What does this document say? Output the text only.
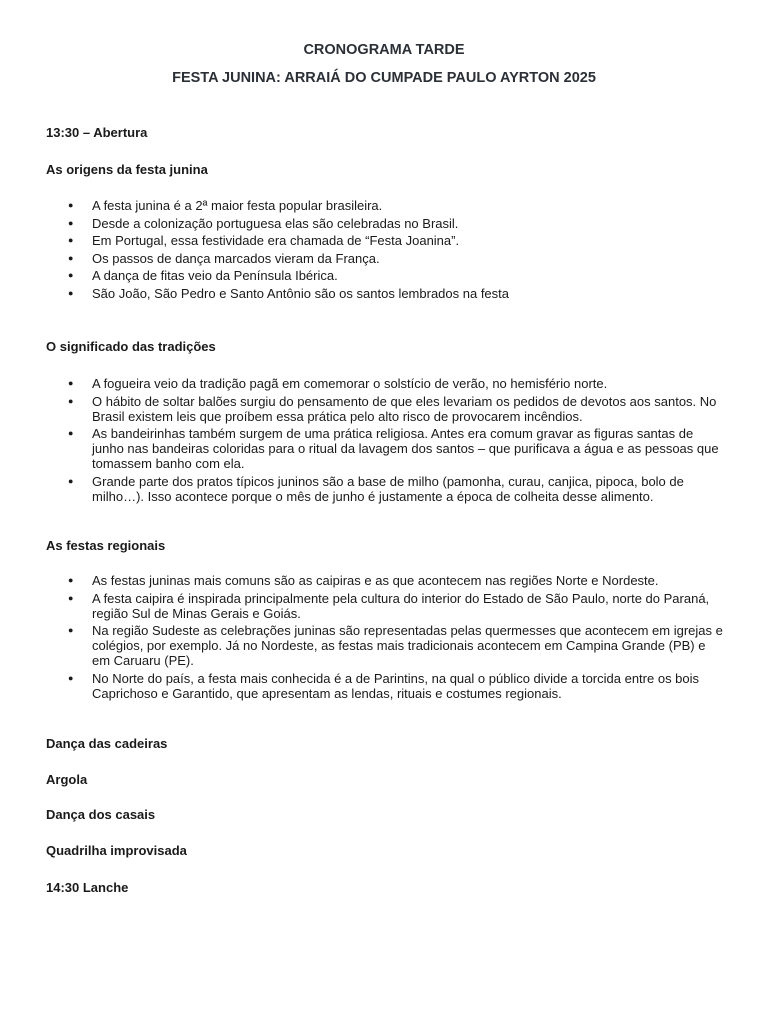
CRONOGRAMA TARDE
FESTA JUNINA: ARRAIÁ DO CUMPADE PAULO AYRTON 2025
13:30 – Abertura
As origens da festa junina
● A festa junina é a 2ª maior festa popular brasileira.
● Desde a colonização portuguesa elas são celebradas no Brasil.
● Em Portugal, essa festividade era chamada de “Festa Joanina”.
● Os passos de dança marcados vieram da França.
● A dança de fitas veio da Península Ibérica.
● São João, São Pedro e Santo Antônio são os santos lembrados na festa
O significado das tradições
● A fogueira veio da tradição pagã em comemorar o solstício de verão, no hemisfério norte.
● O hábito de soltar balões surgiu do pensamento de que eles levariam os pedidos de devotos aos santos. No Brasil existem leis que proíbem essa prática pelo alto risco de provocarem incêndios.
● As bandeirinhas também surgem de uma prática religiosa. Antes era comum gravar as figuras santas de junho nas bandeiras coloridas para o ritual da lavagem dos santos – que purificava a água e as pessoas que tomassem banho com ela.
● Grande parte dos pratos típicos juninos são a base de milho (pamonha, curau, canjica, pipoca, bolo de milho…). Isso acontece porque o mês de junho é justamente a época de colheita desse alimento.
As festas regionais
● As festas juninas mais comuns são as caipiras e as que acontecem nas regiões Norte e Nordeste.
● A festa caipira é inspirada principalmente pela cultura do interior do Estado de São Paulo, norte do Paraná, região Sul de Minas Gerais e Goiás.
● Na região Sudeste as celebrações juninas são representadas pelas quermesses que acontecem em igrejas e colégios, por exemplo. Já no Nordeste, as festas mais tradicionais acontecem em Campina Grande (PB) e em Caruaru (PE).
● No Norte do país, a festa mais conhecida é a de Parintins, na qual o público divide a torcida entre os bois Caprichoso e Garantido, que apresentam as lendas, rituais e costumes regionais.
Dança das cadeiras
Argola
Dança dos casais
Quadrilha improvisada
14:30 Lanche
